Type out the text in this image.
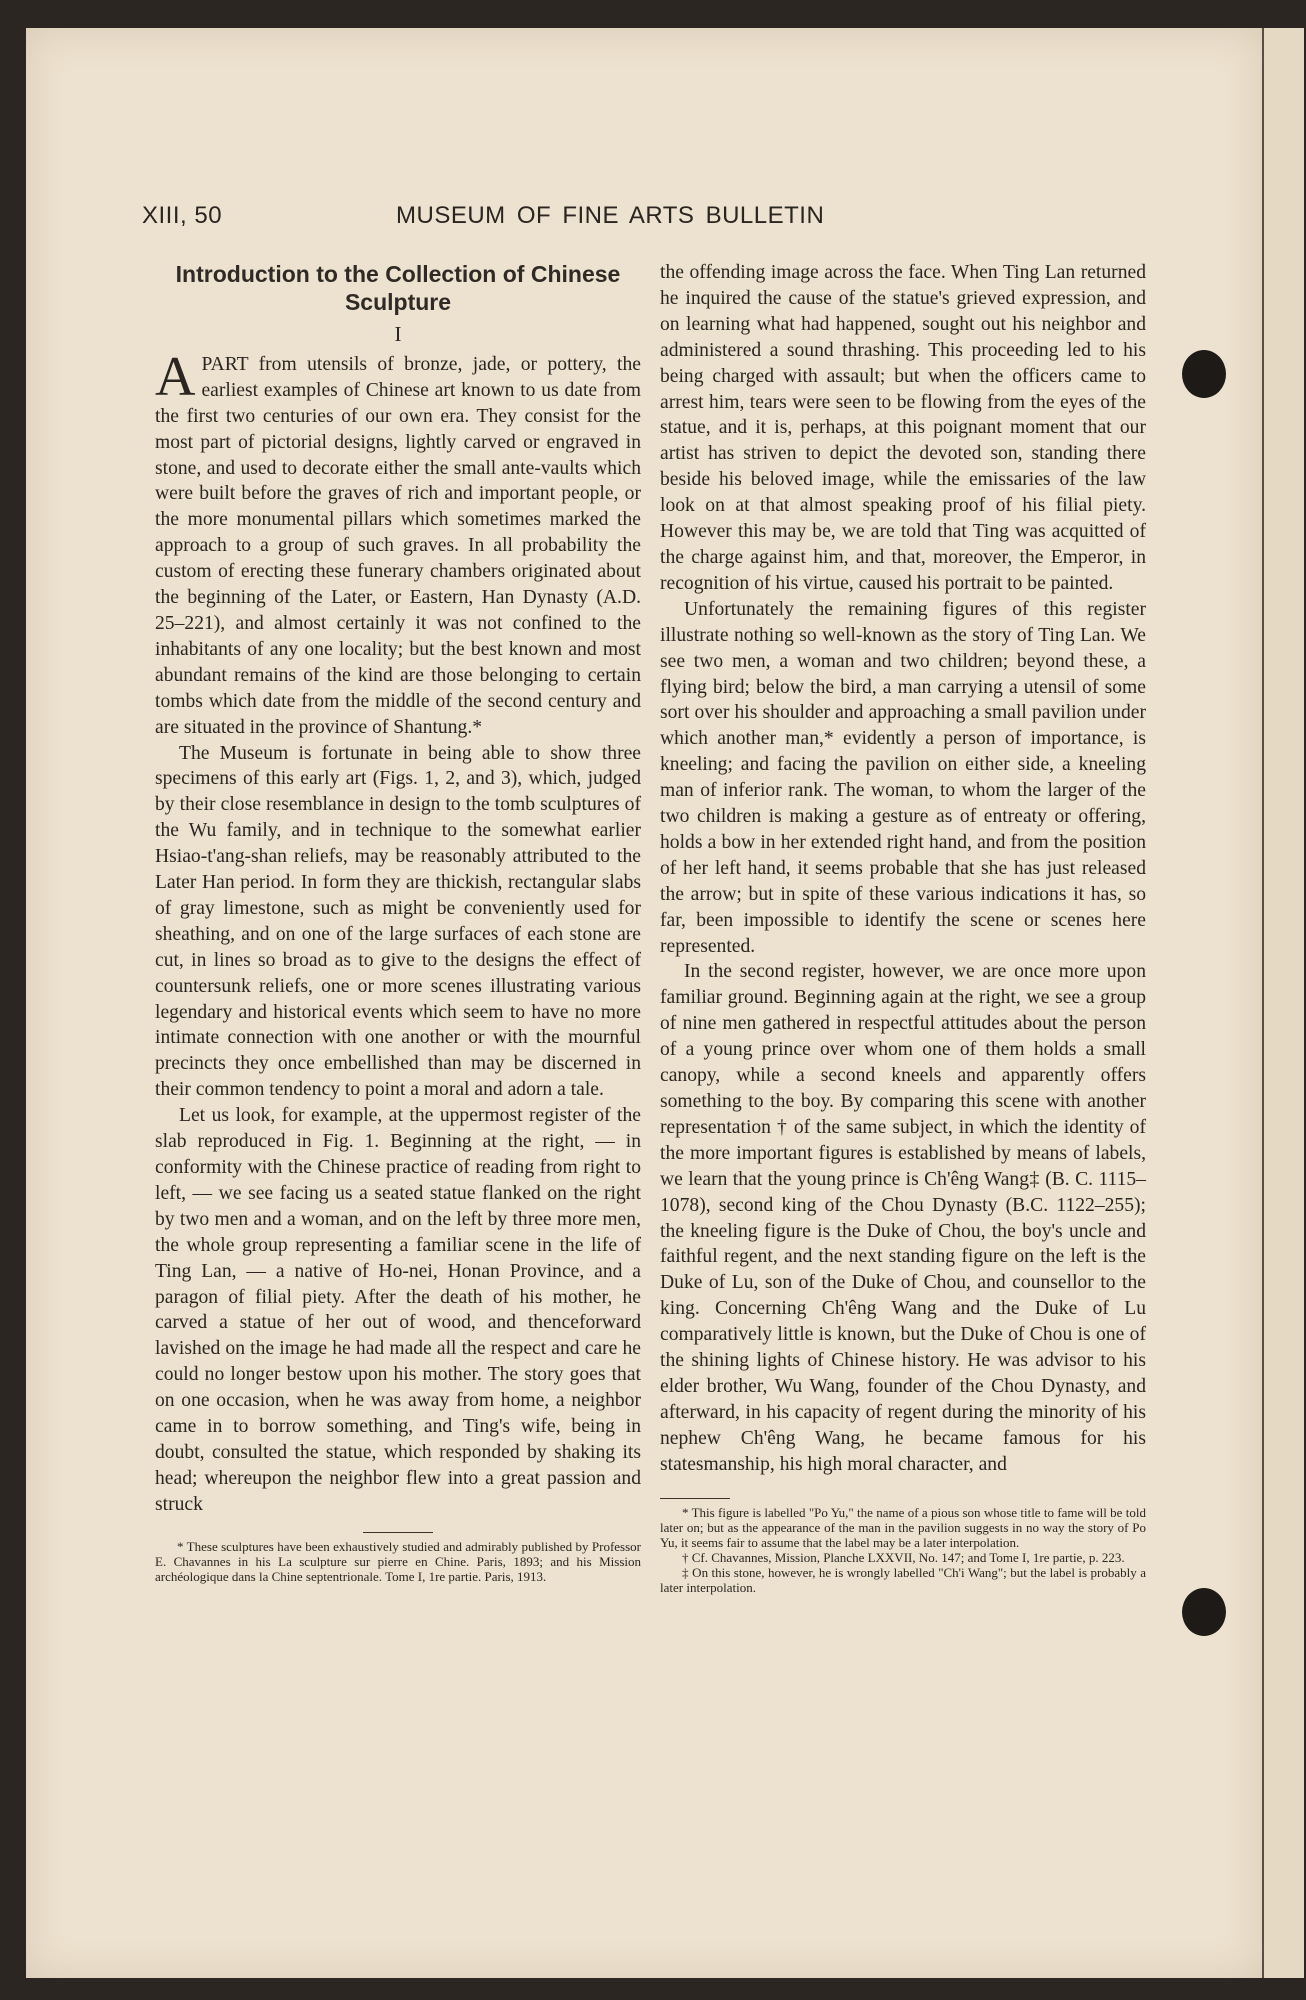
XIII, 50	MUSEUM OF FINE ARTS BULLETIN
Introduction to the Collection of Chinese Sculpture
I

APART from utensils of bronze, jade, or pottery, the earliest examples of Chinese art known to us date from the first two centuries of our own era. They consist for the most part of pictorial designs, lightly carved or engraved in stone, and used to decorate either the small ante-vaults which were built before the graves of rich and important people, or the more monumental pillars which sometimes marked the approach to a group of such graves. In all probability the custom of erecting these funerary chambers originated about the beginning of the Later, or Eastern, Han Dynasty (A.D. 25–221), and almost certainly it was not confined to the inhabitants of any one locality; but the best known and most abundant remains of the kind are those belonging to certain tombs which date from the middle of the second century and are situated in the province of Shantung.*

The Museum is fortunate in being able to show three specimens of this early art (Figs. 1, 2, and 3), which, judged by their close resemblance in design to the tomb sculptures of the Wu family, and in technique to the somewhat earlier Hsiao-t'ang-shan reliefs, may be reasonably attributed to the Later Han period. In form they are thickish, rectangular slabs of gray limestone, such as might be conveniently used for sheathing, and on one of the large surfaces of each stone are cut, in lines so broad as to give to the designs the effect of countersunk reliefs, one or more scenes illustrating various legendary and historical events which seem to have no more intimate connection with one another or with the mournful precincts they once embellished than may be discerned in their common tendency to point a moral and adorn a tale.

Let us look, for example, at the uppermost register of the slab reproduced in Fig. 1. Beginning at the right, — in conformity with the Chinese practice of reading from right to left, — we see facing us a seated statue flanked on the right by two men and a woman, and on the left by three more men, the whole group representing a familiar scene in the life of Ting Lan, — a native of Ho-nei, Honan Province, and a paragon of filial piety. After the death of his mother, he carved a statue of her out of wood, and thenceforward lavished on the image he had made all the respect and care he could no longer bestow upon his mother. The story goes that on one occasion, when he was away from home, a neighbor came in to borrow something, and Ting's wife, being in doubt, consulted the statue, which responded by shaking its head; whereupon the neighbor flew into a great passion and struck

* These sculptures have been exhaustively studied and admirably published by Professor E. Chavannes in his La sculpture sur pierre en Chine. Paris, 1893; and his Mission archéologique dans la Chine septentrionale. Tome I, 1re partie. Paris, 1913.

the offending image across the face. When Ting Lan returned he inquired the cause of the statue's grieved expression, and on learning what had happened, sought out his neighbor and administered a sound thrashing. This proceeding led to his being charged with assault; but when the officers came to arrest him, tears were seen to be flowing from the eyes of the statue, and it is, perhaps, at this poignant moment that our artist has striven to depict the devoted son, standing there beside his beloved image, while the emissaries of the law look on at that almost speaking proof of his filial piety. However this may be, we are told that Ting was acquitted of the charge against him, and that, moreover, the Emperor, in recognition of his virtue, caused his portrait to be painted.

Unfortunately the remaining figures of this register illustrate nothing so well-known as the story of Ting Lan. We see two men, a woman and two children; beyond these, a flying bird; below the bird, a man carrying a utensil of some sort over his shoulder and approaching a small pavilion under which another man,* evidently a person of importance, is kneeling; and facing the pavilion on either side, a kneeling man of inferior rank. The woman, to whom the larger of the two children is making a gesture as of entreaty or offering, holds a bow in her extended right hand, and from the position of her left hand, it seems probable that she has just released the arrow; but in spite of these various indications it has, so far, been impossible to identify the scene or scenes here represented.

In the second register, however, we are once more upon familiar ground. Beginning again at the right, we see a group of nine men gathered in respectful attitudes about the person of a young prince over whom one of them holds a small canopy, while a second kneels and apparently offers something to the boy. By comparing this scene with another representation † of the same subject, in which the identity of the more important figures is established by means of labels, we learn that the young prince is Ch'êng Wang‡ (B. C. 1115–1078), second king of the Chou Dynasty (B.C. 1122–255); the kneeling figure is the Duke of Chou, the boy's uncle and faithful regent, and the next standing figure on the left is the Duke of Lu, son of the Duke of Chou, and counsellor to the king. Concerning Ch'êng Wang and the Duke of Lu comparatively little is known, but the Duke of Chou is one of the shining lights of Chinese history. He was advisor to his elder brother, Wu Wang, founder of the Chou Dynasty, and afterward, in his capacity of regent during the minority of his nephew Ch'êng Wang, he became famous for his statesmanship, his high moral character, and

* This figure is labelled "Po Yu," the name of a pious son whose title to fame will be told later on; but as the appearance of the man in the pavilion suggests in no way the story of Po Yu, it seems fair to assume that the label may be a later interpolation.

† Cf. Chavannes, Mission, Planche LXXVII, No. 147; and Tome I, 1re partie, p. 223.

‡ On this stone, however, he is wrongly labelled "Ch'i Wang"; but the label is probably a later interpolation.
